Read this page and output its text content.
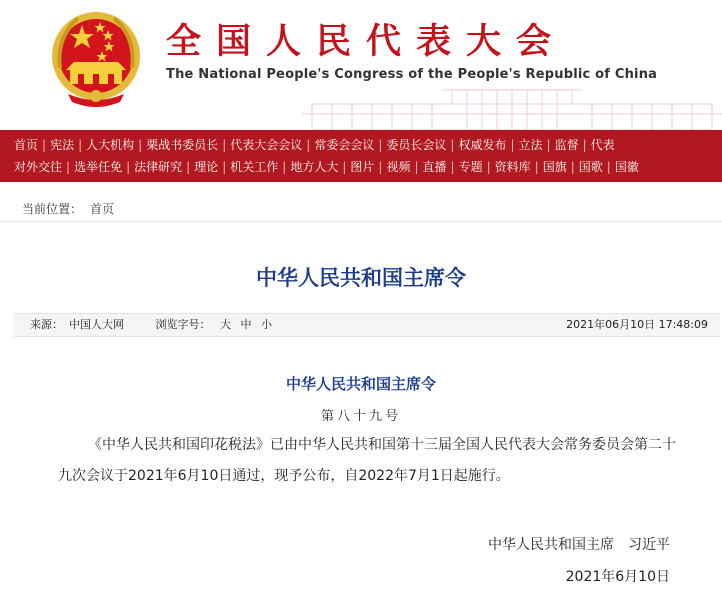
全国人民代表大会
The National People's Congress of the People's Republic of China
首页 | 宪法 | 人大机构 | 栗战书委员长 | 代表大会会议 | 常委会会议 | 委员长会议 | 权威发布 | 立法 | 监督 | 代表
对外交往 | 选举任免 | 法律研究 | 理论 | 机关工作 | 地方人大 | 图片 | 视频 | 直播 | 专题 | 资料库 | 国旗 | 国歌 | 国徽
当前位置： 首页
中华人民共和国主席令
来源： 中国人大网	浏览字号： 大 中 小	2021年06月10日 17:48:09
中华人民共和国主席令
第八十九号
《中华人民共和国印花税法》已由中华人民共和国第十三届全国人民代表大会常务委员会第二十九次会议于2021年6月10日通过，现予公布，自2022年7月1日起施行。
中华人民共和国主席　习近平
2021年6月10日
